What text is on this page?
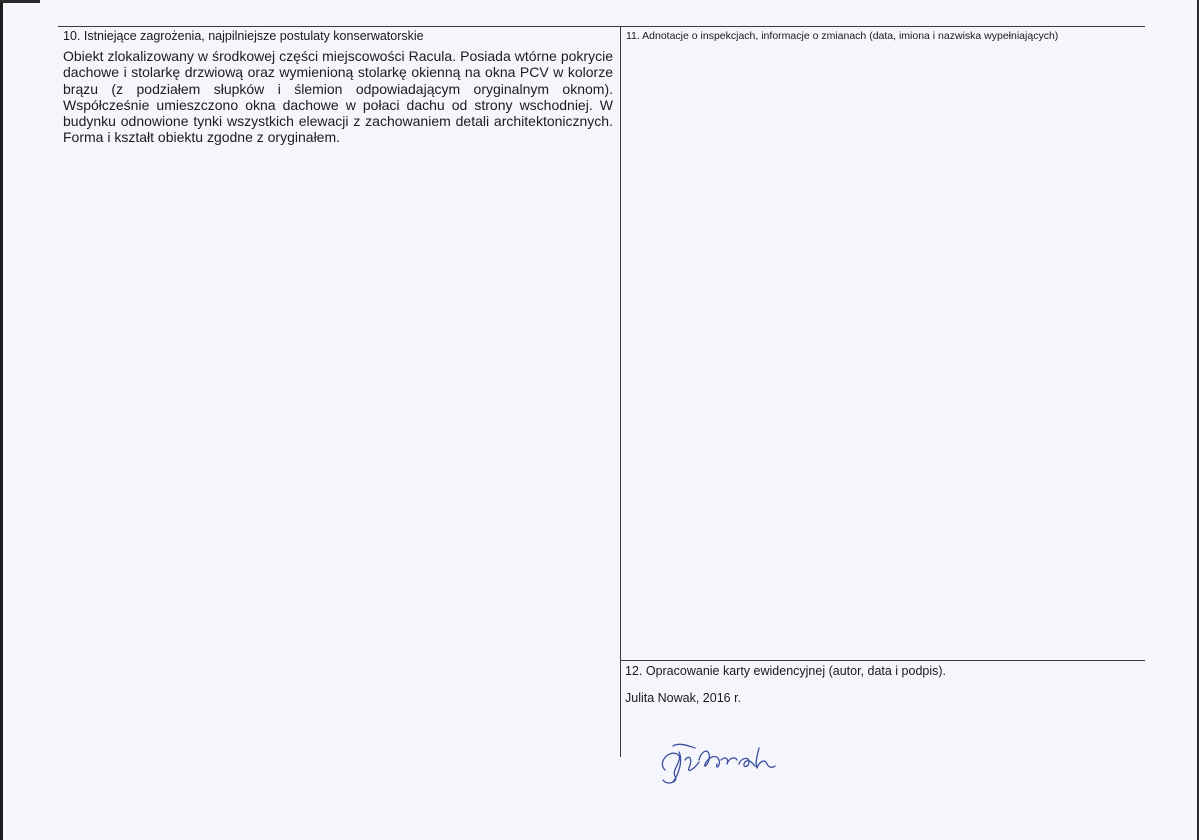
10. Istniejące zagrożenia, najpilniejsze postulaty konserwatorskie
Obiekt zlokalizowany w środkowej części miejscowości Racula. Posiada wtórne pokrycie dachowe i stolarkę drzwiową oraz wymienioną stolarkę okienną na okna PCV w kolorze brązu (z podziałem słupków i ślemion odpowiadającym oryginalnym oknom). Współcześnie umieszczono okna dachowe w połaci dachu od strony wschodniej. W budynku odnowione tynki wszystkich elewacji z zachowaniem detali architektonicznych. Forma i kształt obiektu zgodne z oryginałem.
11. Adnotacje o inspekcjach, informacje o zmianach (data, imiona i nazwiska wypełniających)
12. Opracowanie karty ewidencyjnej (autor, data i podpis).
Julita Nowak, 2016 r.
